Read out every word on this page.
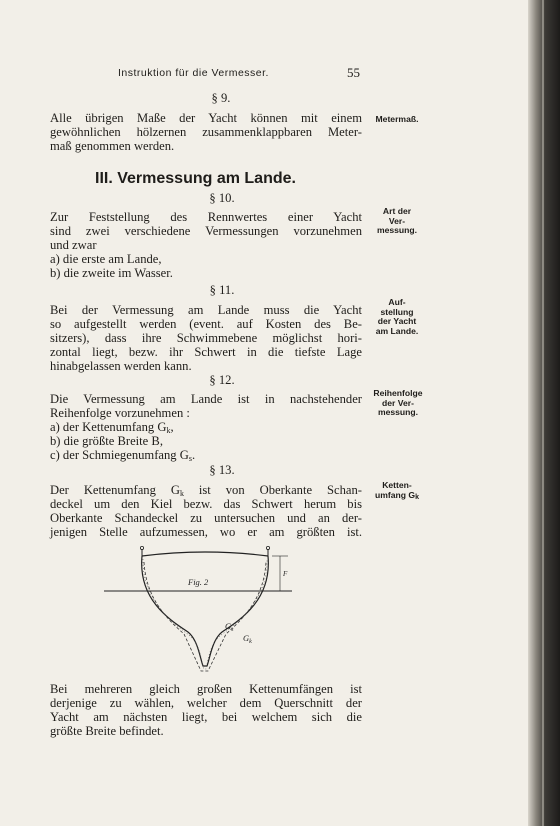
Instruktion für die Vermesser.	55
§ 9.
Alle übrigen Maße der Yacht können mit einem
gewöhnlichen hölzernen zusammenklappbaren Meter-
maß genommen werden.
Metermaß.
III. Vermessung am Lande.
§ 10.
Zur Feststellung des Rennwertes einer Yacht
sind zwei verschiedene Vermessungen vorzunehmen
und zwar
a) die erste am Lande,
b) die zweite im Wasser.
Art der
Ver-
messung.
§ 11.
Bei der Vermessung am Lande muss die Yacht
so aufgestellt werden (event. auf Kosten des Be-
sitzers), dass ihre Schwimmebene möglichst hori-
zontal liegt, bezw. ihr Schwert in die tiefste Lage
hinabgelassen werden kann.
Auf-
stellung
der Yacht
am Lande.
§ 12.
Die Vermessung am Lande ist in nachstehender
Reihenfolge vorzunehmen :
a) der Kettenumfang Gk,
b) die größte Breite B,
c) der Schmiegenumfang Gs.
Reihenfolge
der Ver-
messung.
§ 13.
Der Kettenumfang Gk ist von Oberkante Schan-
deckel um den Kiel bezw. das Schwert herum bis
Oberkante Schandeckel zu untersuchen und an der-
jenigen Stelle aufzumessen, wo er am größten ist.
Ketten-
umfang Gk
F
Fig. 2
$G_s$
$G_k$
Bei mehreren gleich großen Kettenumfängen ist
derjenige zu wählen, welcher dem Querschnitt der
Yacht am nächsten liegt, bei welchem sich die
größte Breite befindet.
